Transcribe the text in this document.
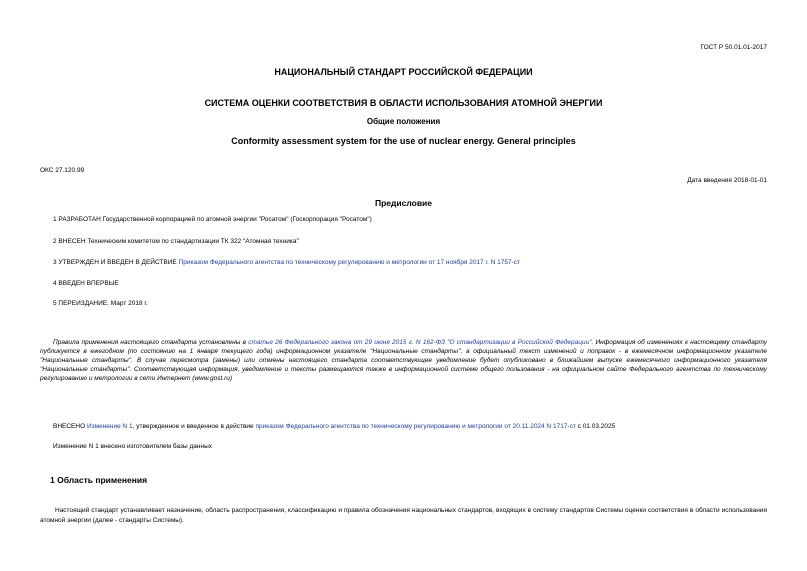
ГОСТ Р 50.01.01-2017
НАЦИОНАЛЬНЫЙ СТАНДАРТ РОССИЙСКОЙ ФЕДЕРАЦИИ
СИСТЕМА ОЦЕНКИ СООТВЕТСТВИЯ В ОБЛАСТИ ИСПОЛЬЗОВАНИЯ АТОМНОЙ ЭНЕРГИИ
Общие положения
Conformity assessment system for the use of nuclear energy. General principles
ОКС 27.120.99
Дата введения 2018-01-01
Предисловие
1 РАЗРАБОТАН Государственной корпорацией по атомной энергии "Росатом" (Госкорпорация "Росатом")
2 ВНЕСЕН Техническим комитетом по стандартизации ТК 322 "Атомная техника"
3 УТВЕРЖДЕН И ВВЕДЕН В ДЕЙСТВИЕ Приказом Федерального агентства по техническому регулированию и метрологии от 17 ноября 2017 г. N 1757-ст
4 ВВЕДЕН ВПЕРВЫЕ
5 ПЕРЕИЗДАНИЕ. Март 2018 г.
Правила применения настоящего стандарта установлены в статье 26 Федерального закона от 29 июня 2015 г. N 162-ФЗ "О стандартизации в Российской Федерации". Информация об изменениях к настоящему стандарту публикуется в ежегодном (по состоянию на 1 января текущего года) информационном указателе "Национальные стандарты", а официальный текст изменений и поправок - в ежемесячном информационном указателе "Национальные стандарты". В случае пересмотра (замены) или отмены настоящего стандарта соответствующее уведомление будет опубликовано в ближайшем выпуске ежемесячного информационного указателя "Национальные стандарты". Соответствующая информация, уведомление и тексты размещаются также в информационной системе общего пользования - на официальном сайте Федерального агентства по техническому регулированию и метрологии в сети Интернет (www.gost.ru)
ВНЕСЕНО Изменение N 1, утвержденное и введенное в действие приказом Федерального агентства по техническому регулированию и метрологии от 20.11.2024 N 1717-ст с 01.03.2025
Изменение N 1 внесено изготовителем базы данных
1 Область применения
Настоящий стандарт устанавливает назначение, область распространения, классификацию и правила обозначения национальных стандартов, входящих в систему стандартов Системы оценки соответствия в области использования атомной энергии (далее - стандарты Системы).
